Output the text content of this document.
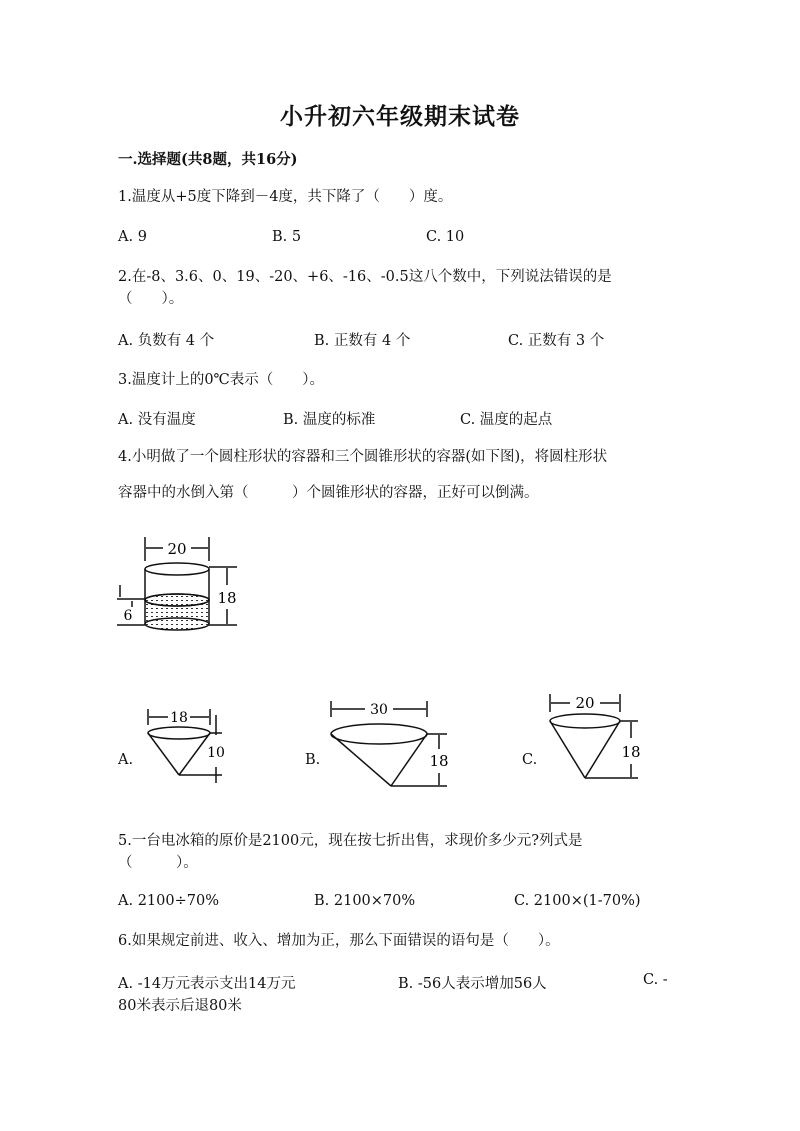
小升初六年级期末试卷
一.选择题(共8题，共16分)
1.温度从+5度下降到－4度，共下降了（　　）度。
A. 9	B. 5	C. 10
2.在-8、3.6、0、19、-20、+6、-16、-0.5这八个数中，下列说法错误的是
（　　）。
A. 负数有 4 个	B. 正数有 4 个	C. 正数有 3 个
3.温度计上的0℃表示（　　）。
A. 没有温度	B. 温度的标准	C. 温度的起点
4.小明做了一个圆柱形状的容器和三个圆锥形状的容器(如下图)，将圆柱形状
容器中的水倒入第（　　　）个圆锥形状的容器，正好可以倒满。
20
18
6
A.
18
10	B.
30
18	C.
20
18
5.一台电冰箱的原价是2100元，现在按七折出售，求现价多少元?列式是
（　　　）。
A. 2100÷70%	B. 2100×70%	C. 2100×(1-70%)
6.如果规定前进、收入、增加为正，那么下面错误的语句是（　　）。
A. -14万元表示支出14万元	B. -56人表示增加56人	C. -
80米表示后退80米
